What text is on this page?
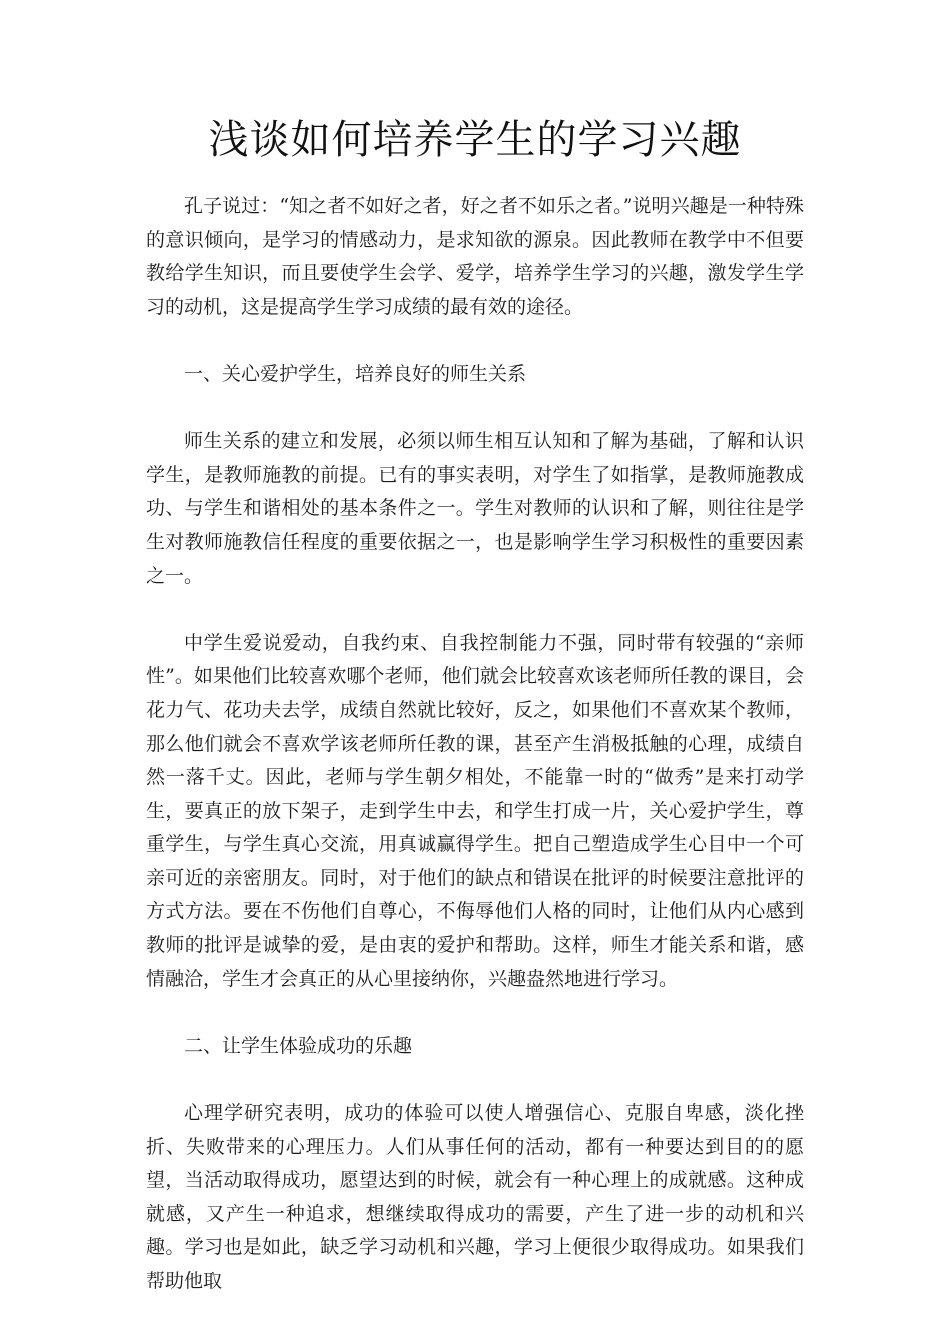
浅谈如何培养学生的学习兴趣

孔子说过：“知之者不如好之者，好之者不如乐之者。”说明兴趣是一种特殊的意识倾向，是学习的情感动力，是求知欲的源泉。因此教师在教学中不但要教给学生知识，而且要使学生会学、爱学，培养学生学习的兴趣，激发学生学习的动机，这是提高学生学习成绩的最有效的途径。

一、关心爱护学生，培养良好的师生关系

师生关系的建立和发展，必须以师生相互认知和了解为基础，了解和认识学生，是教师施教的前提。已有的事实表明，对学生了如指掌，是教师施教成功、与学生和谐相处的基本条件之一。学生对教师的认识和了解，则往往是学生对教师施教信任程度的重要依据之一，也是影响学生学习积极性的重要因素之一。

中学生爱说爱动，自我约束、自我控制能力不强，同时带有较强的“亲师性”。如果他们比较喜欢哪个老师，他们就会比较喜欢该老师所任教的课目，会花力气、花功夫去学，成绩自然就比较好，反之，如果他们不喜欢某个教师，那么他们就会不喜欢学该老师所任教的课，甚至产生消极抵触的心理，成绩自然一落千丈。因此，老师与学生朝夕相处，不能靠一时的“做秀”是来打动学生，要真正的放下架子，走到学生中去，和学生打成一片，关心爱护学生，尊重学生，与学生真心交流，用真诚赢得学生。把自己塑造成学生心目中一个可亲可近的亲密朋友。同时，对于他们的缺点和错误在批评的时候要注意批评的方式方法。要在不伤他们自尊心，不侮辱他们人格的同时，让他们从内心感到教师的批评是诚挚的爱，是由衷的爱护和帮助。这样，师生才能关系和谐，感情融洽，学生才会真正的从心里接纳你，兴趣盎然地进行学习。

二、让学生体验成功的乐趣

心理学研究表明，成功的体验可以使人增强信心、克服自卑感，淡化挫折、失败带来的心理压力。人们从事任何的活动，都有一种要达到目的的愿望，当活动取得成功，愿望达到的时候，就会有一种心理上的成就感。这种成就感，又产生一种追求，想继续取得成功的需要，产生了进一步的动机和兴趣。学习也是如此，缺乏学习动机和兴趣，学习上便很少取得成功。如果我们帮助他取
